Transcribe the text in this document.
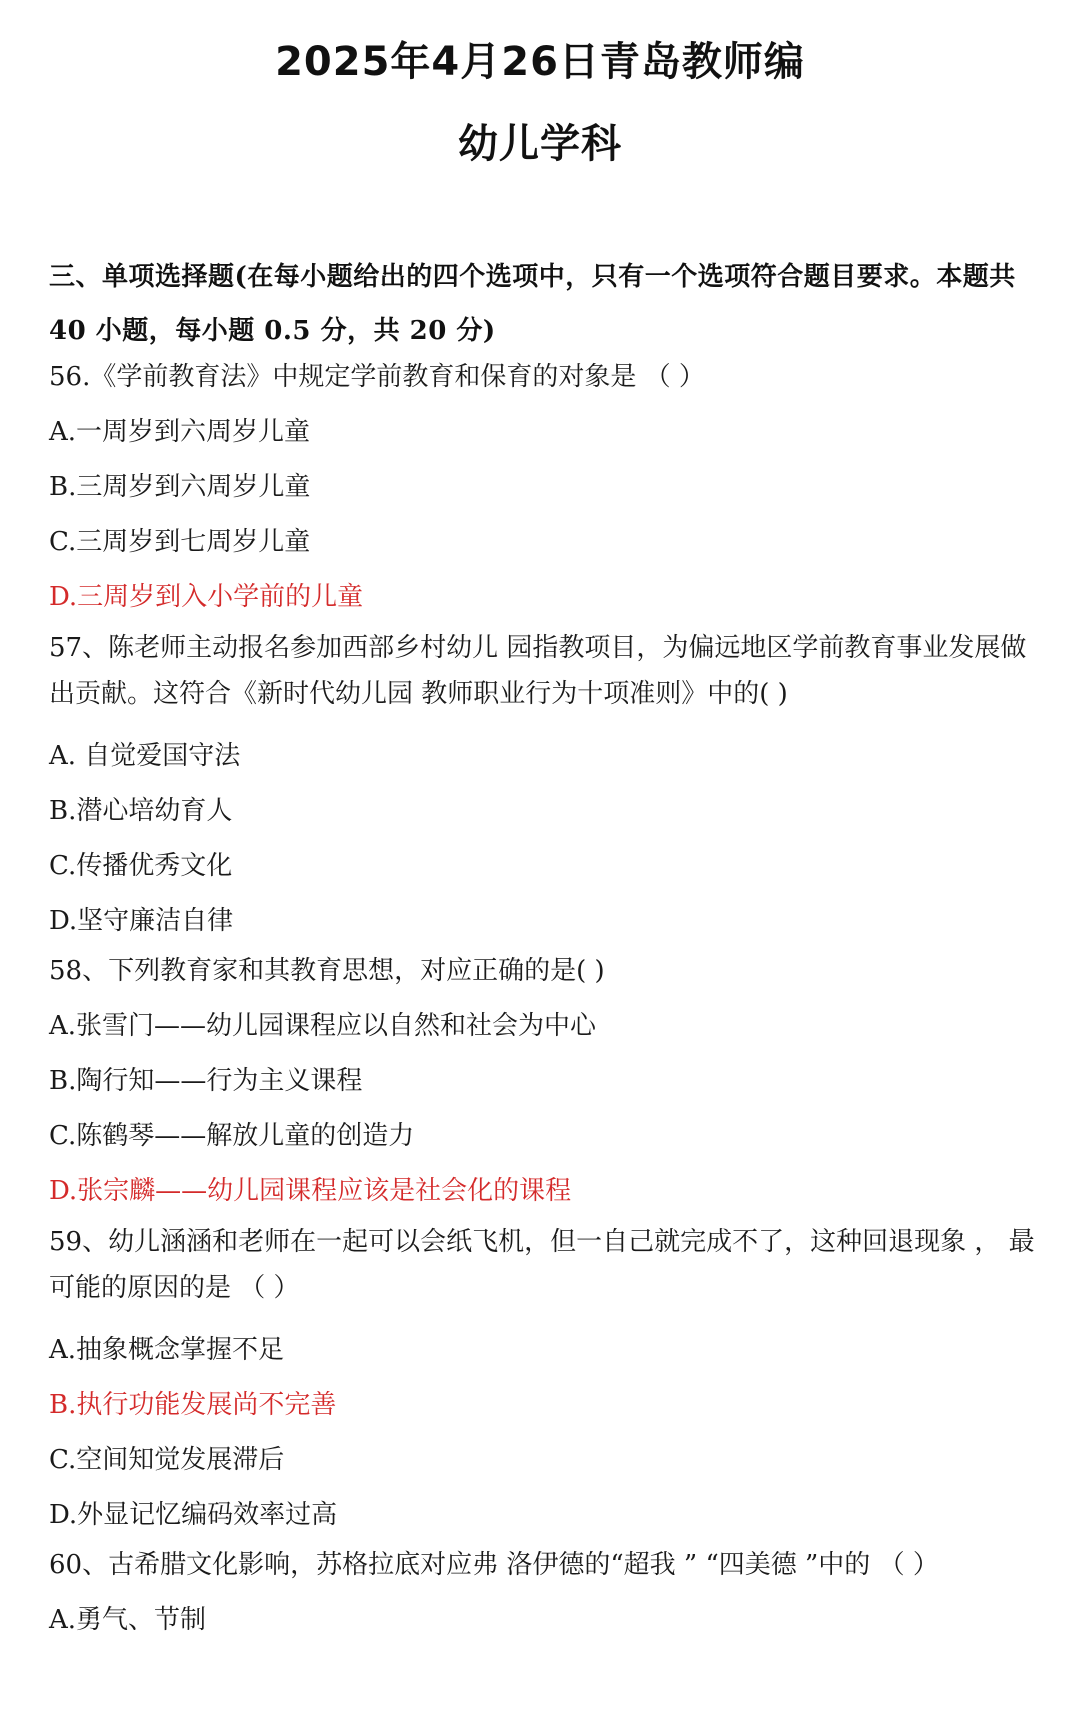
2025年4月26日青岛教师编
幼儿学科
三、单项选择题(在每小题给出的四个选项中，只有一个选项符合题目要求。本题共 40 小题，每小题 0.5 分，共 20 分)

56.《学前教育法》中规定学前教育和保育的对象是 （ ）

A.一周岁到六周岁儿童

B.三周岁到六周岁儿童

C.三周岁到七周岁儿童

D.三周岁到入小学前的儿童

57、陈老师主动报名参加西部乡村幼儿 园指教项目，为偏远地区学前教育事业发展做出贡献。这符合《新时代幼儿园 教师职业行为十项准则》中的( )

A. 自觉爱国守法

B.潜心培幼育人

C.传播优秀文化

D.坚守廉洁自律

58、下列教育家和其教育思想，对应正确的是( )

A.张雪门——幼儿园课程应以自然和社会为中心

B.陶行知——行为主义课程

C.陈鹤琴——解放儿童的创造力

D.张宗麟——幼儿园课程应该是社会化的课程

59、幼儿涵涵和老师在一起可以会纸飞机，但一自己就完成不了，这种回退现象 ， 最可能的原因的是 （ ）

A.抽象概念掌握不足

B.执行功能发展尚不完善

C.空间知觉发展滞后

D.外显记忆编码效率过高

60、古希腊文化影响，苏格拉底对应弗 洛伊德的“超我 ” “四美德 ”中的 （ ）

A.勇气、节制
